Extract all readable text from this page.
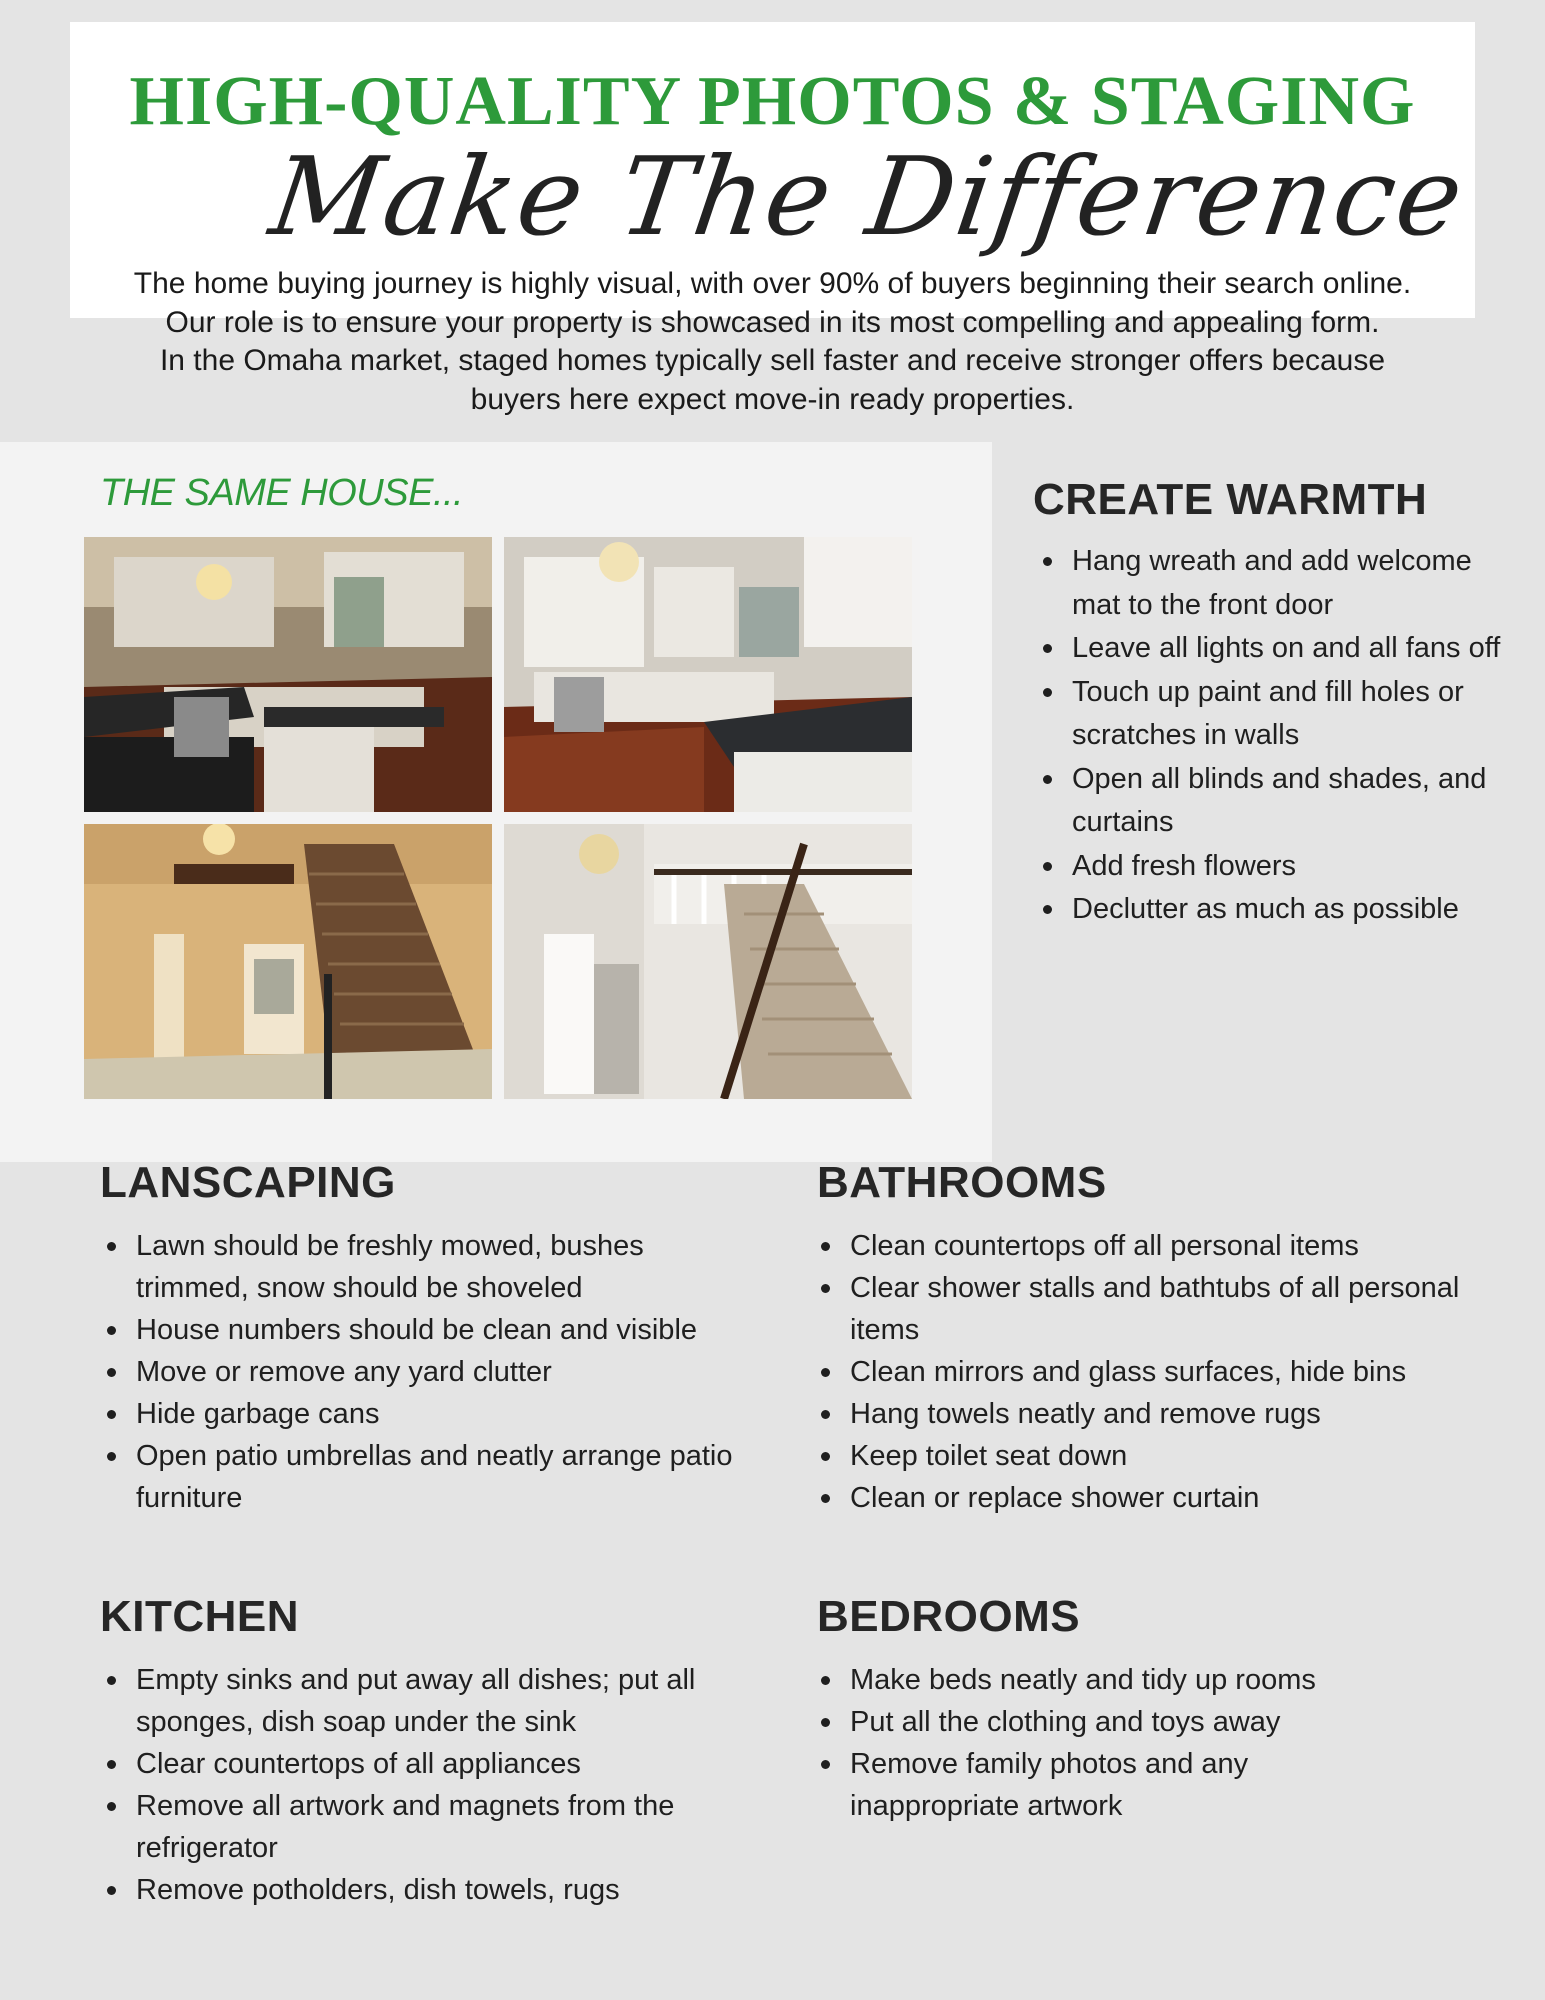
HIGH-QUALITY PHOTOS & STAGING
Make The Difference
The home buying journey is highly visual, with over 90% of buyers beginning their search online.
Our role is to ensure your property is showcased in its most compelling and appealing form.
In the Omaha market, staged homes typically sell faster and receive stronger offers because
buyers here expect move-in ready properties.
THE SAME HOUSE...	CREATE WARMTH
Hang wreath and add welcome mat to the front door
Leave all lights on and all fans off
Touch up paint and fill holes or scratches in walls
Open all blinds and shades, and curtains
Add fresh flowers
Declutter as much as possible
LANSCAPING
Lawn should be freshly mowed, bushes trimmed, snow should be shoveled
House numbers should be clean and visible
Move or remove any yard clutter
Hide garbage cans
Open patio umbrellas and neatly arrange patio furniture
BATHROOMS
Clean countertops off all personal items
Clear shower stalls and bathtubs of all personal items
Clean mirrors and glass surfaces, hide bins
Hang towels neatly and remove rugs
Keep toilet seat down
Clean or replace shower curtain
KITCHEN
Empty sinks and put away all dishes; put all sponges, dish soap under the sink
Clear countertops of all appliances
Remove all artwork and magnets from the refrigerator
Remove potholders, dish towels, rugs
BEDROOMS
Make beds neatly and tidy up rooms
Put all the clothing and toys away
Remove family photos and any inappropriate artwork
